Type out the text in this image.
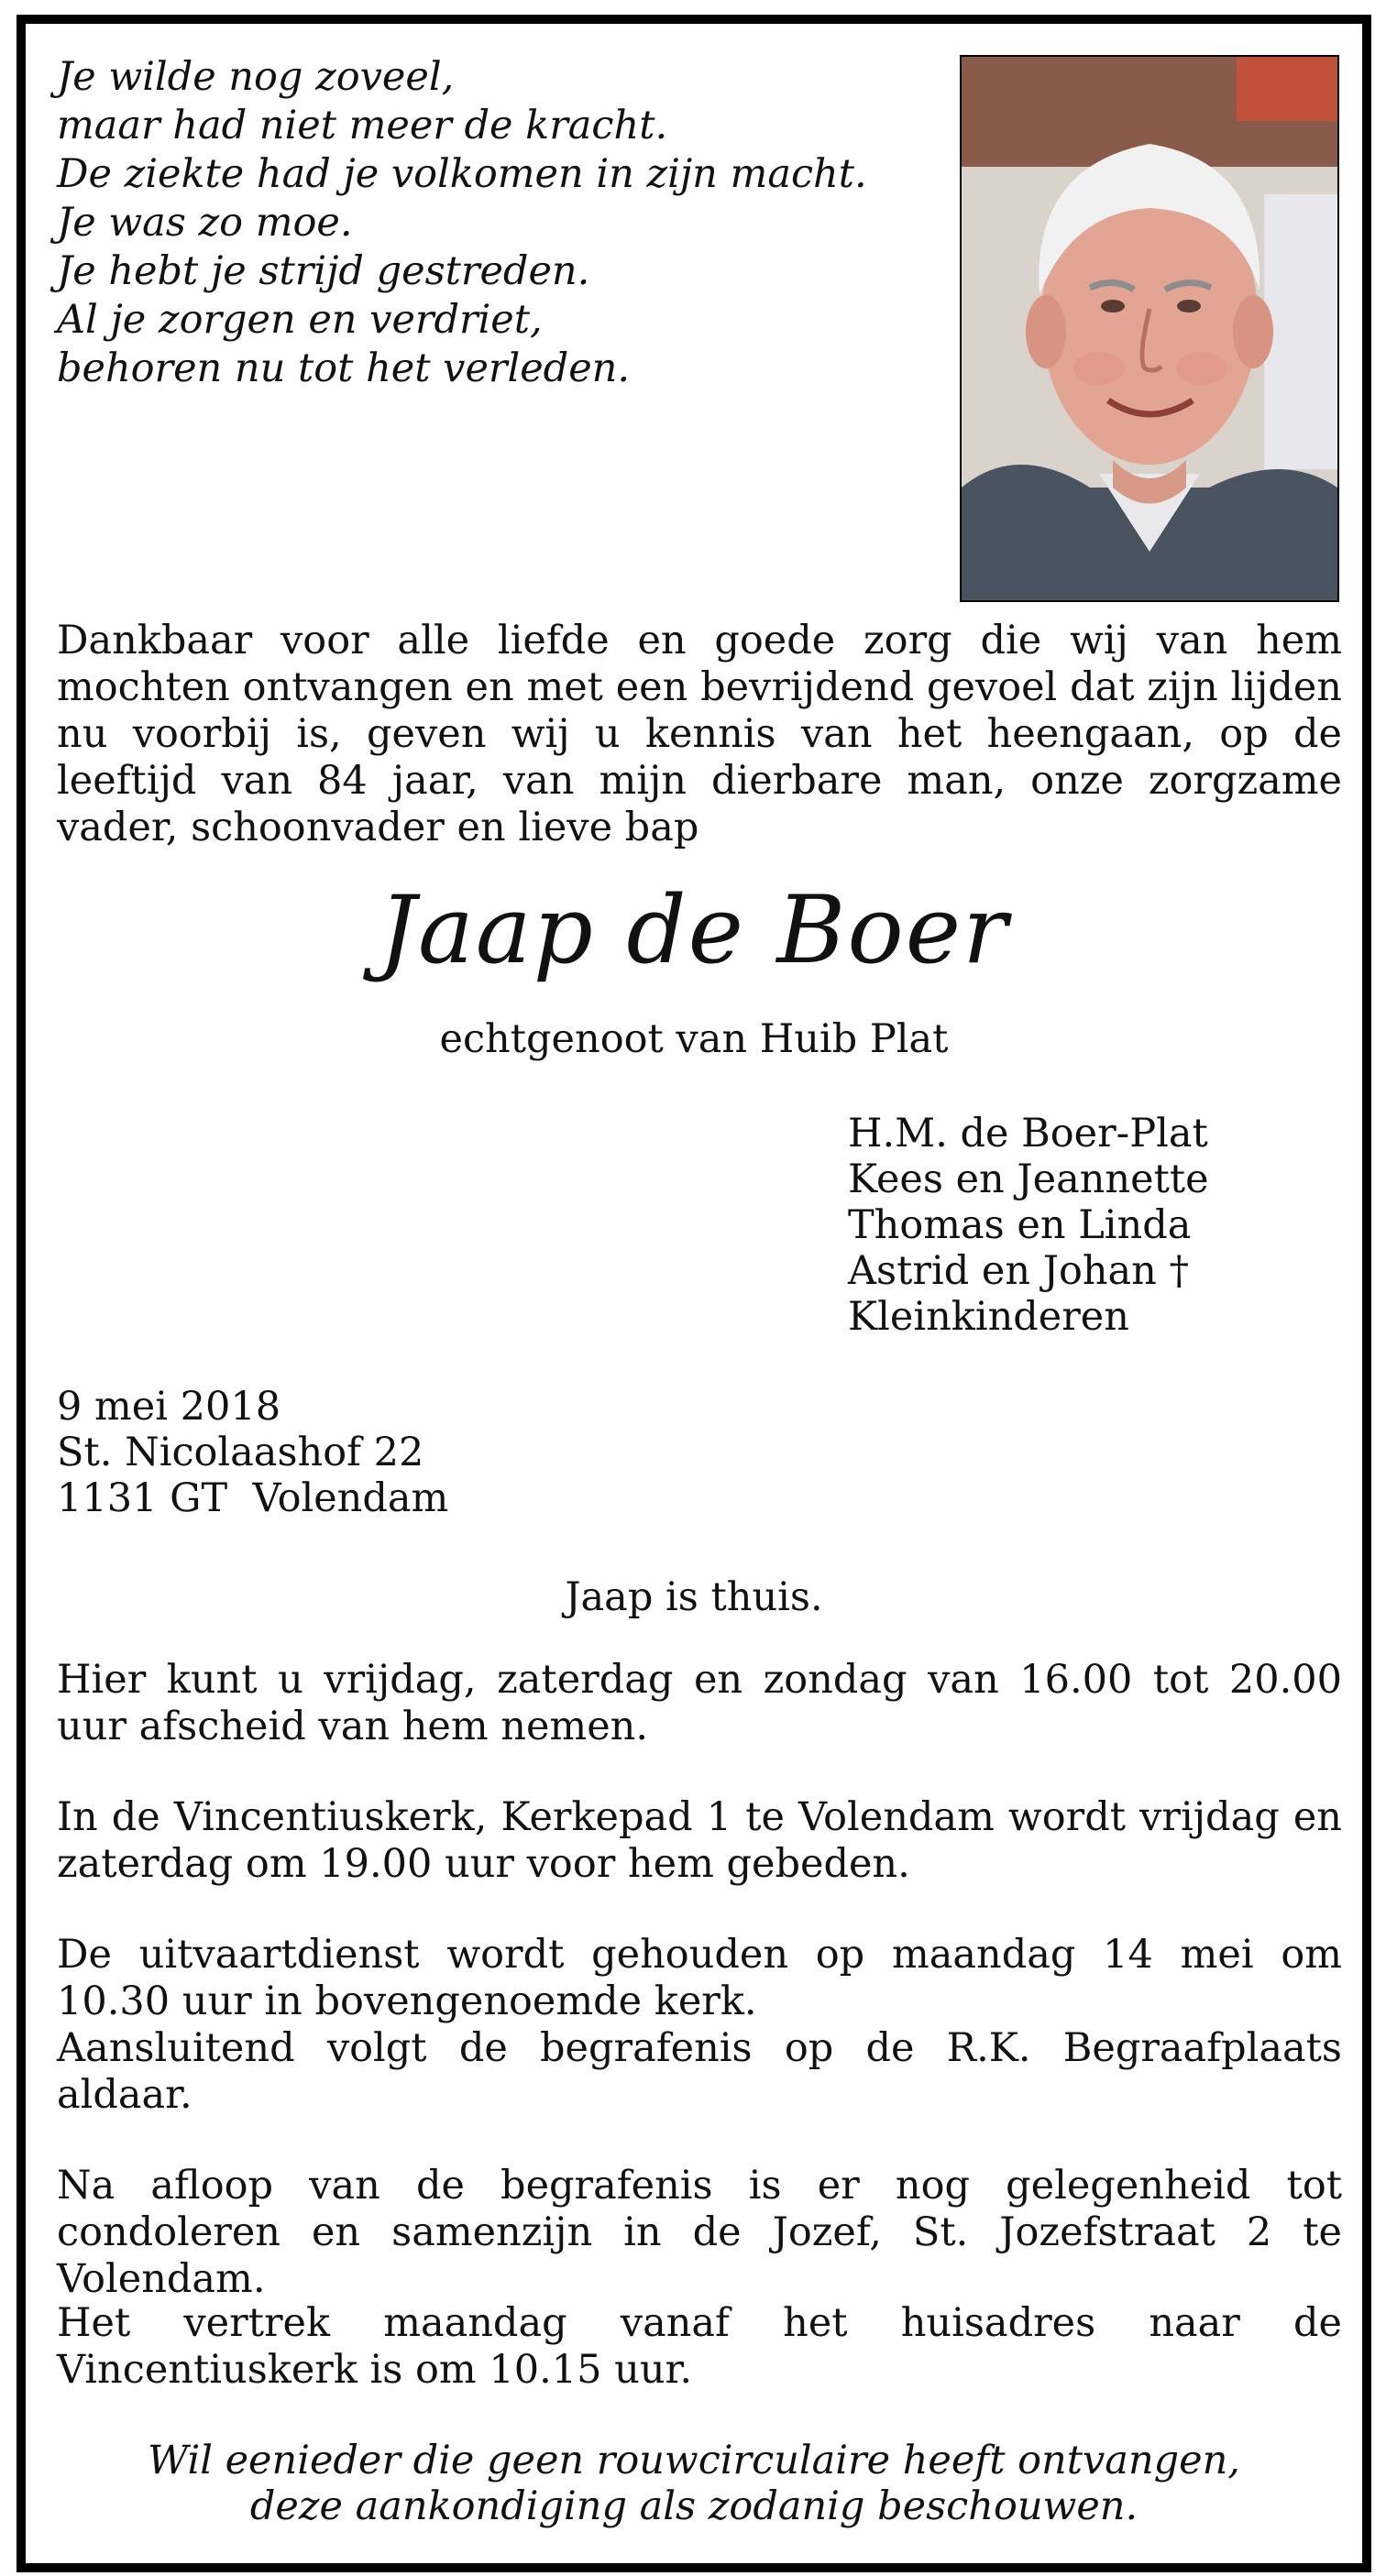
Je wilde nog zoveel,
maar had niet meer de kracht.
De ziekte had je volkomen in zijn macht.
Je was zo moe.
Je hebt je strijd gestreden.
Al je zorgen en verdriet,
behoren nu tot het verleden.
Dankbaar voor alle liefde en goede zorg die wij van hem mochten ontvangen en met een bevrijdend gevoel dat zijn lijden nu voorbij is, geven wij u kennis van het heengaan, op de leeftijd van 84 jaar, van mijn dierbare man, onze zorgzame vader, schoonvader en lieve bap
Jaap de Boer
echtgenoot van Huib Plat
H.M. de Boer-Plat
Kees en Jeannette
Thomas en Linda
Astrid en Johan †
Kleinkinderen
9 mei 2018
St. Nicolaashof 22
1131 GT  Volendam
Jaap is thuis.
Hier kunt u vrijdag, zaterdag en zondag van 16.00 tot 20.00 uur afscheid van hem nemen.
In de Vincentiuskerk, Kerkepad 1 te Volendam wordt vrijdag en zaterdag om 19.00 uur voor hem gebeden.
De uitvaartdienst wordt gehouden op maandag 14 mei om 10.30 uur in bovengenoemde kerk.
Aansluitend volgt de begrafenis op de R.K. Begraafplaats aldaar.
Na afloop van de begrafenis is er nog gelegenheid tot condoleren en samenzijn in de Jozef, St. Jozefstraat 2 te Volendam.
Het vertrek maandag vanaf het huisadres naar de Vincentiuskerk is om 10.15 uur.
Wil eenieder die geen rouwcirculaire heeft ontvangen,
deze aankondiging als zodanig beschouwen.
